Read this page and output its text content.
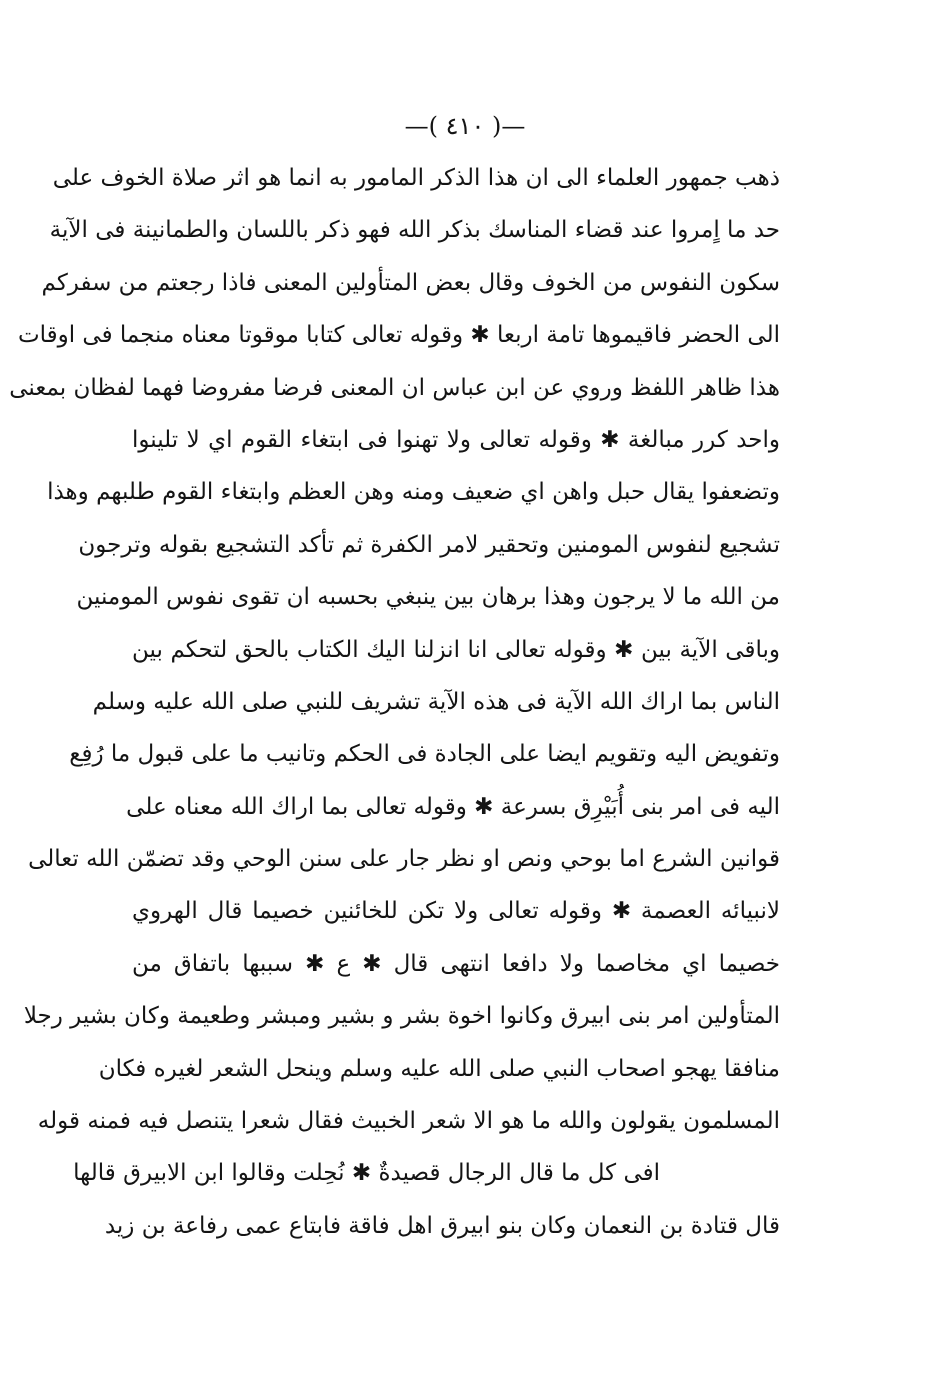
—( ٤١٠ )—
ذهب جمهور العلماء الى ان هذا الذكر المامور به انما هو اثر صلاة الخوف على
حد ما اٍمروا عند قضاء المناسك بذكر الله فهو ذكر باللسان والطمانينة فى الآية
سكون النفوس من الخوف وقال بعض المتأولين المعنى فاذا رجعتم من سفركم
الى الحضر فاقيموها تامة اربعا ✱ وقوله تعالى كتابا موقوتا معناه منجما فى اوقات
هذا ظاهر اللفظ وروي عن ابن عباس ان المعنى فرضا مفروضا فهما لفظان بمعنى
واحد كرر مبالغة ✱ وقوله تعالى ولا تهنوا فى ابتغاء القوم اي لا تلينوا
وتضعفوا يقال حبل واهن اي ضعيف ومنه وهن العظم وابتغاء القوم طلبهم وهذا
تشجيع لنفوس المومنين وتحقير لامر الكفرة ثم تأكد التشجيع بقوله وترجون
من الله ما لا يرجون وهذا برهان بين ينبغي بحسبه ان تقوى نفوس المومنين
وباقى الآية بين ✱ وقوله تعالى انا انزلنا اليك الكتاب بالحق لتحكم بين
الناس بما اراك الله الآية فى هذه الآية تشريف للنبي صلى الله عليه وسلم
وتفويض اليه وتقويم ايضا على الجادة فى الحكم وتانيب ما على قبول ما رُفِع
اليه فى امر بنى أُبَيْرِق بسرعة ✱ وقوله تعالى بما اراك الله معناه على
قوانين الشرع اما بوحي ونص او نظر جار على سنن الوحي وقد تضمّن الله تعالى
لانبيائه العصمة ✱ وقوله تعالى ولا تكن للخائنين خصيما قال الهروي
خصيما اي مخاصما ولا دافعا انتهى قال ✱ ع ✱ سببها باتفاق من
المتأولين امر بنى ابيرق وكانوا اخوة بشر و بشير ومبشر وطعيمة وكان بشير رجلا
منافقا يهجو اصحاب النبي صلى الله عليه وسلم وينحل الشعر لغيره فكان
المسلمون يقولون والله ما هو الا شعر الخبيث فقال شعرا يتنصل فيه فمنه قوله
افى كل ما قال الرجال قصيدةٌ ✱ نُحِلت وقالوا ابن الابيرق قالها
قال قتادة بن النعمان وكان بنو ابيرق اهل فاقة فابتاع عمى رفاعة بن زيد
